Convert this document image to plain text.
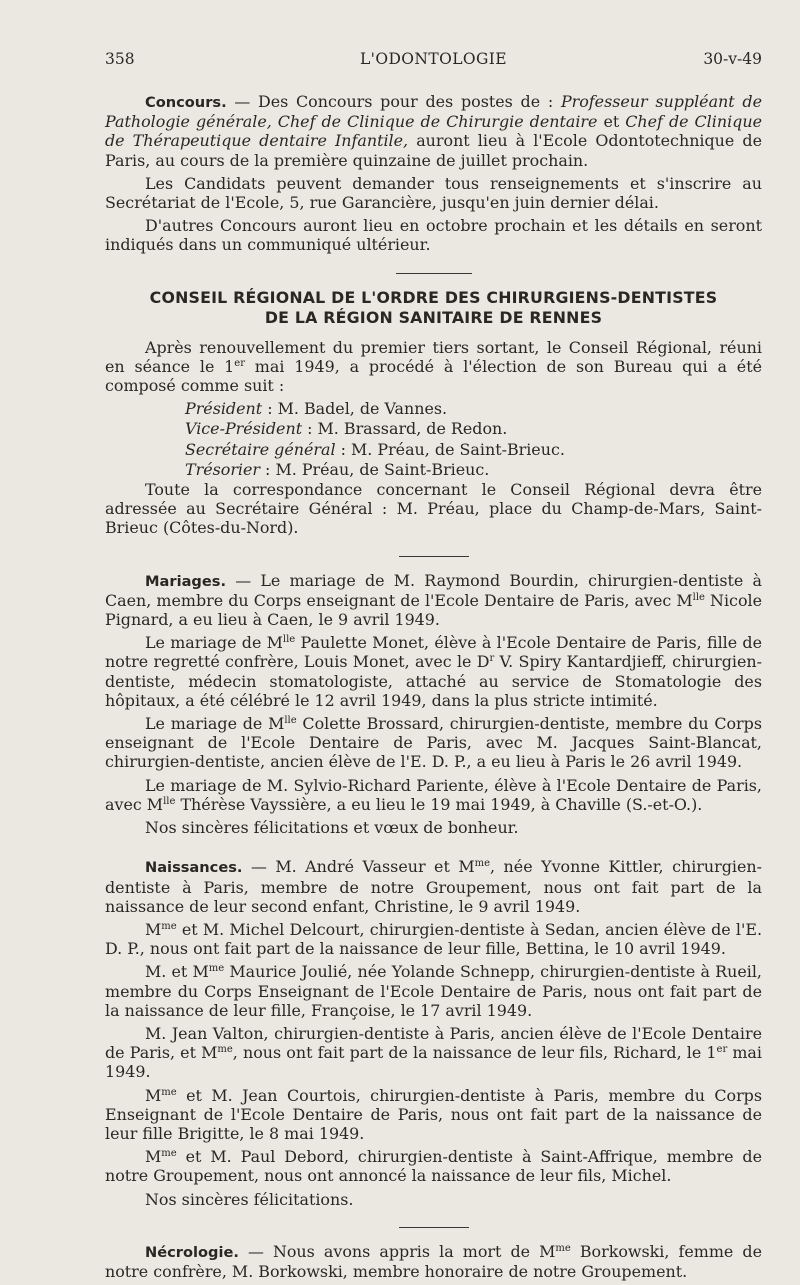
358	L'ODONTOLOGIE	30-v-49

Concours. — Des Concours pour des postes de : Professeur suppléant de Pathologie générale, Chef de Clinique de Chirurgie dentaire et Chef de Clinique de Thérapeutique dentaire Infantile, auront lieu à l'Ecole Odontotechnique de Paris, au cours de la première quinzaine de juillet prochain.

Les Candidats peuvent demander tous renseignements et s'inscrire au Secrétariat de l'Ecole, 5, rue Garancière, jusqu'en juin dernier délai.

D'autres Concours auront lieu en octobre prochain et les détails en seront indiqués dans un communiqué ultérieur.

CONSEIL RÉGIONAL DE L'ORDRE DES CHIRURGIENS-DENTISTES
DE LA RÉGION SANITAIRE DE RENNES

Après renouvellement du premier tiers sortant, le Conseil Régional, réuni en séance le 1er mai 1949, a procédé à l'élection de son Bureau qui a été composé comme suit :

Président : M. Badel, de Vannes.
Vice-Président : M. Brassard, de Redon.
Secrétaire général : M. Préau, de Saint-Brieuc.
Trésorier : M. Préau, de Saint-Brieuc.

Toute la correspondance concernant le Conseil Régional devra être adressée au Secrétaire Général : M. Préau, place du Champ-de-Mars, Saint-Brieuc (Côtes-du-Nord).

Mariages. — Le mariage de M. Raymond Bourdin, chirurgien-dentiste à Caen, membre du Corps enseignant de l'Ecole Dentaire de Paris, avec $M^{lle}$ Nicole Pignard, a eu lieu à Caen, le 9 avril 1949.

Le mariage de $M^{lle}$ Paulette Monet, élève à l'Ecole Dentaire de Paris, fille de notre regretté confrère, Louis Monet, avec le $D^r$ V. Spiry Kantardjieff, chirurgien-dentiste, médecin stomatologiste, attaché au service de Stomatologie des hôpitaux, a été célébré le 12 avril 1949, dans la plus stricte intimité.

Le mariage de $M^{lle}$ Colette Brossard, chirurgien-dentiste, membre du Corps enseignant de l'Ecole Dentaire de Paris, avec M. Jacques Saint-Blancat, chirurgien-dentiste, ancien élève de l'E. D. P., a eu lieu à Paris le 26 avril 1949.

Le mariage de M. Sylvio-Richard Pariente, élève à l'Ecole Dentaire de Paris, avec $M^{lle}$ Thérèse Vayssière, a eu lieu le 19 mai 1949, à Chaville (S.-et-O.).

Nos sincères félicitations et vœux de bonheur.

Naissances. — M. André Vasseur et $M^{me}$, née Yvonne Kittler, chirurgien-dentiste à Paris, membre de notre Groupement, nous ont fait part de la naissance de leur second enfant, Christine, le 9 avril 1949.

$M^{me}$ et M. Michel Delcourt, chirurgien-dentiste à Sedan, ancien élève de l'E. D. P., nous ont fait part de la naissance de leur fille, Bettina, le 10 avril 1949.

M. et $M^{me}$ Maurice Joulié, née Yolande Schnepp, chirurgien-dentiste à Rueil, membre du Corps Enseignant de l'Ecole Dentaire de Paris, nous ont fait part de la naissance de leur fille, Françoise, le 17 avril 1949.

M. Jean Valton, chirurgien-dentiste à Paris, ancien élève de l'Ecole Dentaire de Paris, et $M^{me}$, nous ont fait part de la naissance de leur fils, Richard, le 1er mai 1949.

$M^{me}$ et M. Jean Courtois, chirurgien-dentiste à Paris, membre du Corps Enseignant de l'Ecole Dentaire de Paris, nous ont fait part de la naissance de leur fille Brigitte, le 8 mai 1949.

$M^{me}$ et M. Paul Debord, chirurgien-dentiste à Saint-Affrique, membre de notre Groupement, nous ont annoncé la naissance de leur fils, Michel.

Nos sincères félicitations.

Nécrologie. — Nous avons appris la mort de $M^{me}$ Borkowski, femme de notre confrère, M. Borkowski, membre honoraire de notre Groupement.
